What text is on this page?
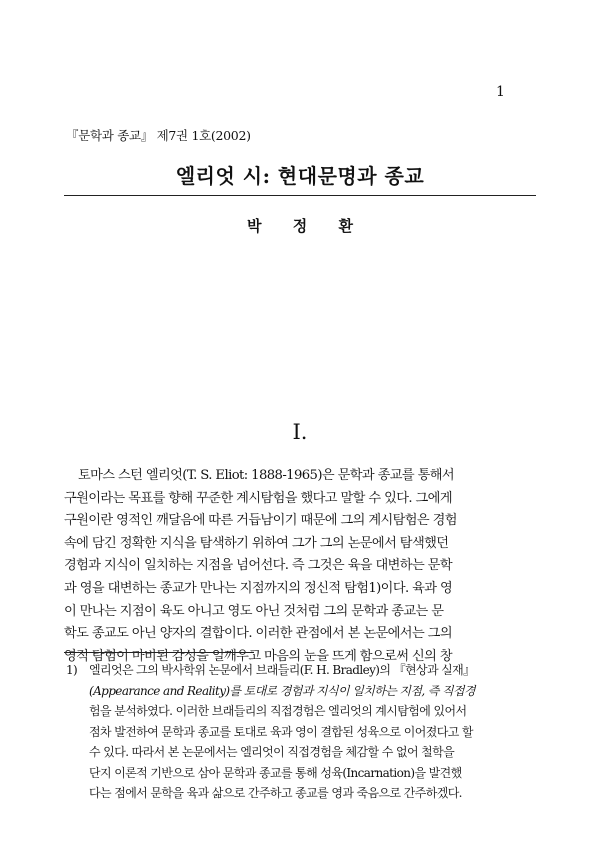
1
『문학과 종교』 제7권 1호(2002)
엘리엇 시: 현대문명과 종교
박 정 환
I.

토마스 스턴 엘리엇(T. S. Eliot: 1888-1965)은 문학과 종교를 통해서
구원이라는 목표를 향해 꾸준한 계시탐험을 했다고 말할 수 있다. 그에게
구원이란 영적인 깨달음에 따른 거듭남이기 때문에 그의 계시탐험은 경험
속에 담긴 정확한 지식을 탐색하기 위하여 그가 그의 논문에서 탐색했던
경험과 지식이 일치하는 지점을 넘어선다. 즉 그것은 육을 대변하는 문학
과 영을 대변하는 종교가 만나는 지점까지의 정신적 탐험1)이다. 육과 영
이 만나는 지점이 육도 아니고 영도 아닌 것처럼 그의 문학과 종교는 문
학도 종교도 아닌 양자의 결합이다. 이러한 관점에서 본 논문에서는 그의
영적 탐험이 마비된 감성을 일깨우고 마음의 눈을 뜨게 함으로써 신의 창

1) 엘리엇은 그의 박사학위 논문에서 브래들리(F. H. Bradley)의 『현상과 실재』
(Appearance and Reality)를 토대로 경험과 지식이 일치하는 지점, 즉 직접경
험을 분석하였다. 이러한 브래들리의 직접경험은 엘리엇의 계시탐험에 있어서
점차 발전하여 문학과 종교를 토대로 육과 영이 결합된 성육으로 이어졌다고 할
수 있다. 따라서 본 논문에서는 엘리엇이 직접경험을 체감할 수 없어 철학을
단지 이론적 기반으로 삼아 문학과 종교를 통해 성육(Incarnation)을 발견했
다는 점에서 문학을 육과 삶으로 간주하고 종교를 영과 죽음으로 간주하겠다.
